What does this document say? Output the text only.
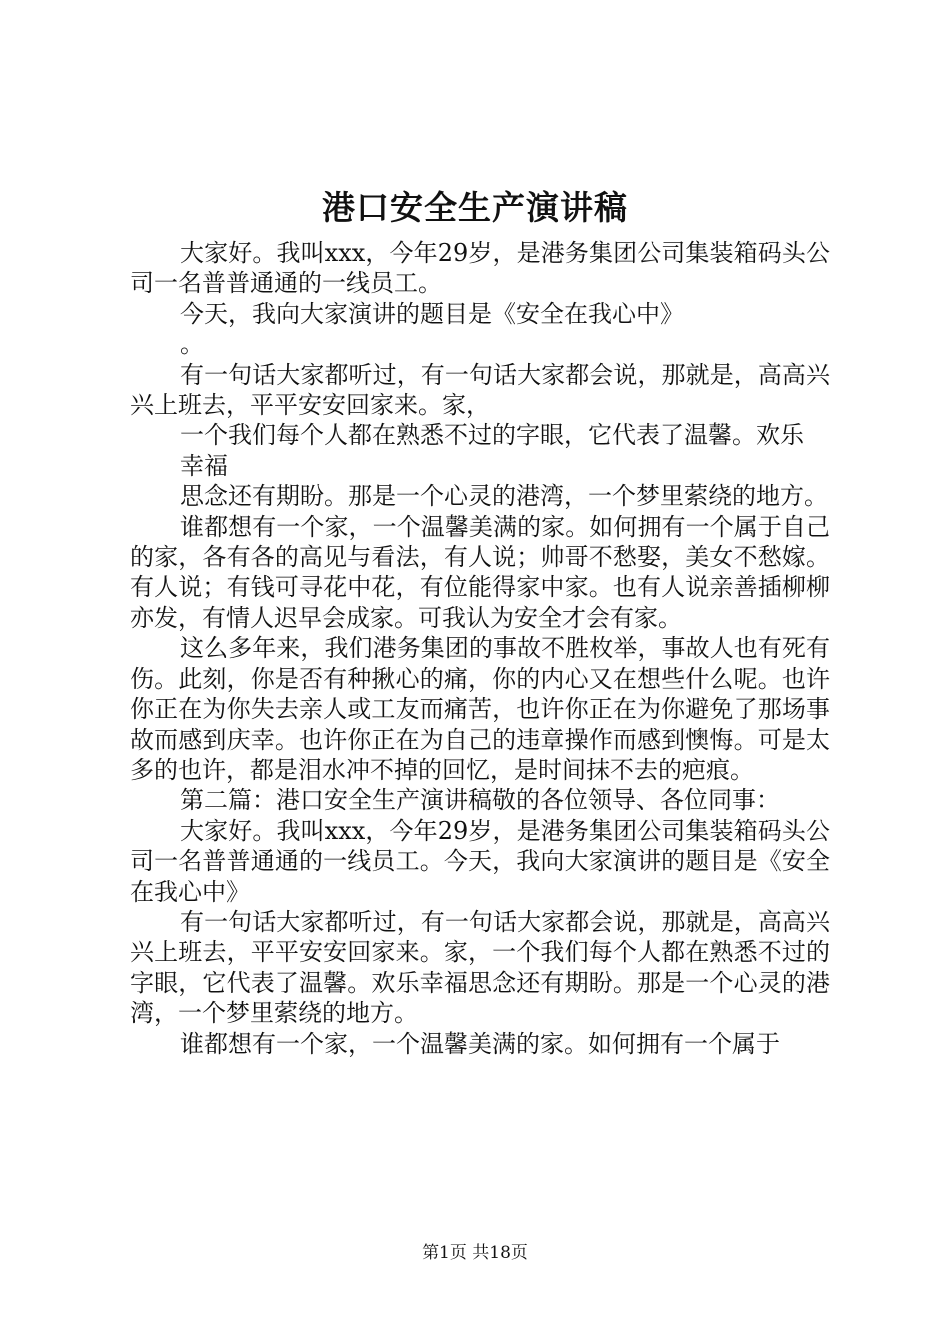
港口安全生产演讲稿

大家好。我叫xxx，今年29岁，是港务集团公司集装箱码头公司一名普普通通的一线员工。

今天，我向大家演讲的题目是《安全在我心中》

。

有一句话大家都听过，有一句话大家都会说，那就是，高高兴兴上班去，平平安安回家来。家，

一个我们每个人都在熟悉不过的字眼，它代表了温馨。欢乐

幸福

思念还有期盼。那是一个心灵的港湾，一个梦里萦绕的地方。

谁都想有一个家，一个温馨美满的家。如何拥有一个属于自己的家，各有各的高见与看法，有人说；帅哥不愁娶，美女不愁嫁。有人说；有钱可寻花中花，有位能得家中家。也有人说亲善插柳柳亦发，有情人迟早会成家。可我认为安全才会有家。

这么多年来，我们港务集团的事故不胜枚举，事故人也有死有伤。此刻，你是否有种揪心的痛，你的内心又在想些什么呢。也许你正在为你失去亲人或工友而痛苦，也许你正在为你避免了那场事故而感到庆幸。也许你正在为自己的违章操作而感到懊悔。可是太多的也许，都是泪水冲不掉的回忆，是时间抹不去的疤痕。

第二篇：港口安全生产演讲稿敬的各位领导、各位同事：

大家好。我叫xxx，今年29岁，是港务集团公司集装箱码头公司一名普普通通的一线员工。今天，我向大家演讲的题目是《安全在我心中》

有一句话大家都听过，有一句话大家都会说，那就是，高高兴兴上班去，平平安安回家来。家，一个我们每个人都在熟悉不过的字眼，它代表了温馨。欢乐幸福思念还有期盼。那是一个心灵的港湾，一个梦里萦绕的地方。

谁都想有一个家，一个温馨美满的家。如何拥有一个属于

第1页 共18页
